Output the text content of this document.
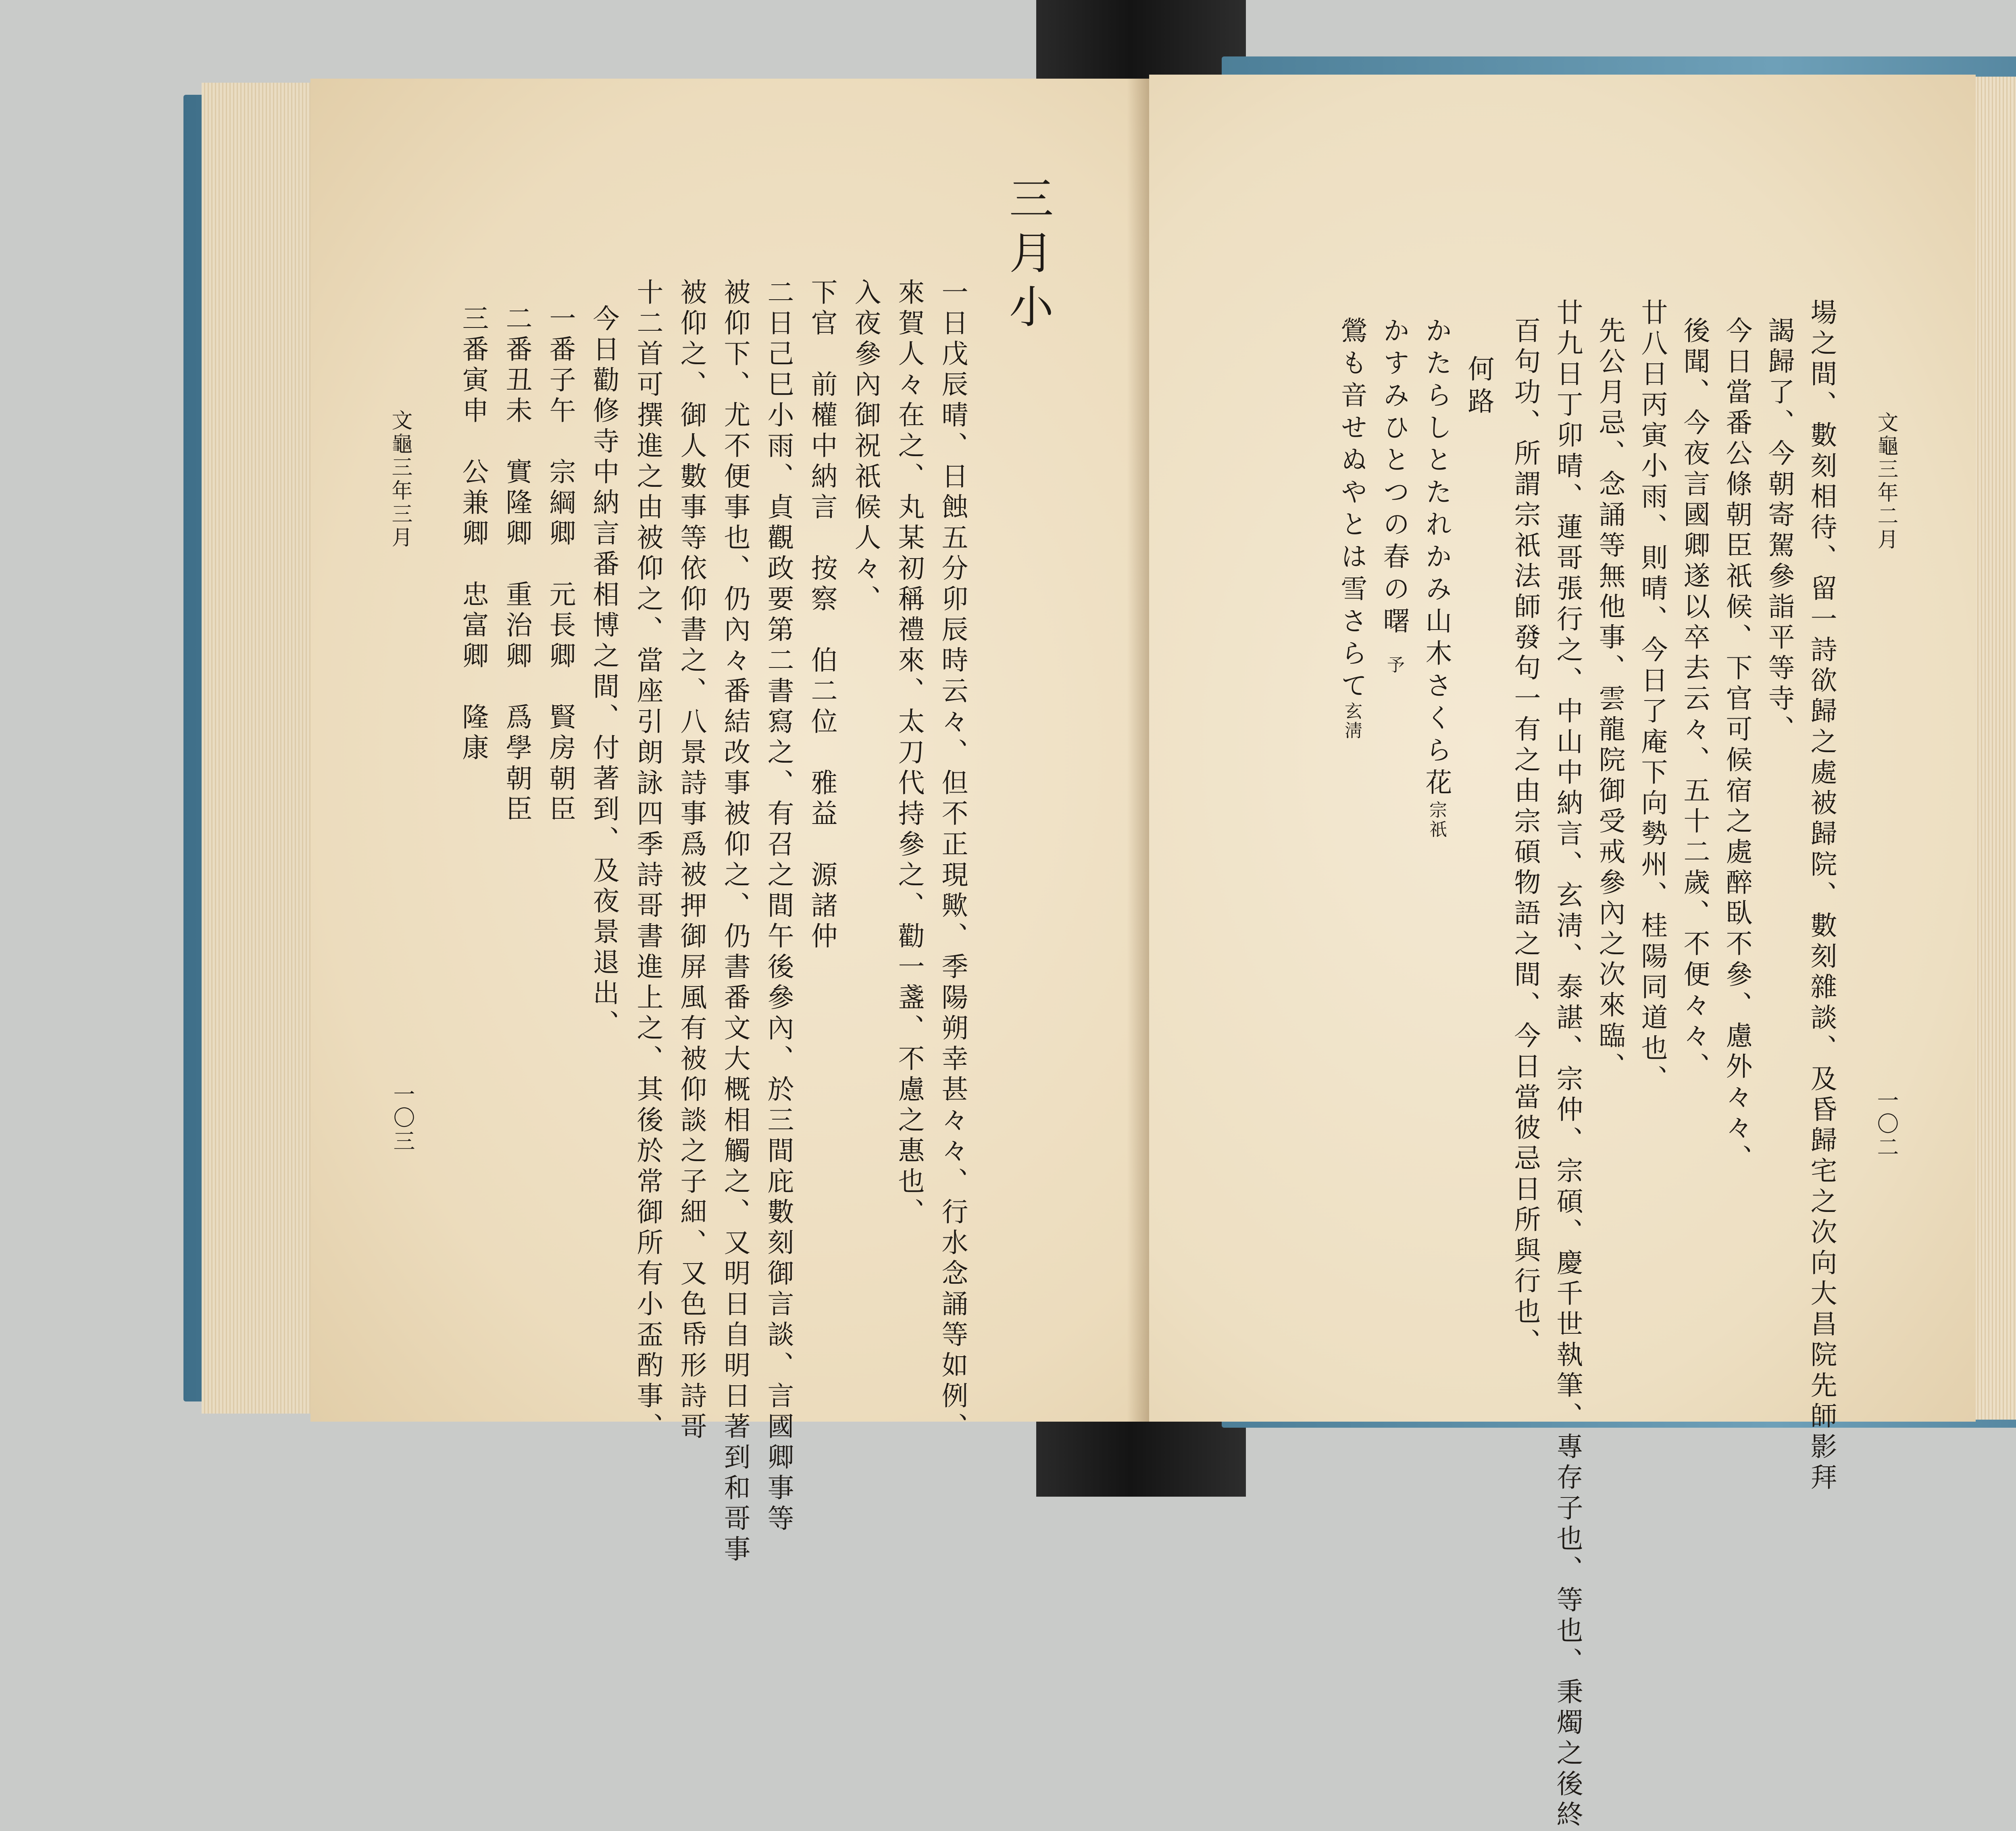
三月小
一日戊辰晴、日蝕五分卯辰時云々、但不正現歟、季陽朔幸甚々々、行水念誦等如例、
來賀人々在之、丸某初稱禮來、太刀代持參之、勸一盞、不慮之惠也、
入夜參內御祝祇候人々、
下官　前權中納言　按察　伯二位　雅益　源諸仲
二日己巳小雨、貞觀政要第二書寫之、有召之間午後參內、於三間庇數刻御言談、言國卿事等
被仰下、尤不便事也、仍內々番結改事被仰之、仍書番文大概相觸之、又明日自明日著到和哥事
被仰之、御人數事等依仰書之、八景詩事爲被押御屏風有被仰談之子細、又色帋形詩哥
十二首可撰進之由被仰之、當座引朗詠四季詩哥書進上之、其後於常御所有小盃酌事、
今日勸修寺中納言番相博之間、付著到、及夜景退出、
一番子午　宗綱卿　元長卿　賢房朝臣
二番丑未　實隆卿　重治卿　爲學朝臣
三番寅申　公兼卿　忠富卿　隆康
文龜三年三月
一〇三
文龜三年二月
一〇二
場之間、數刻相待、留一詩欲歸之處被歸院、數刻雜談、及昏歸宅之次向大昌院先師影拜
謁歸了、今朝寄駕參詣平等寺、
今日當番公條朝臣祇候、下官可候宿之處醉臥不參、慮外々々、
後聞、今夜言國卿遂以卒去云々、五十二歲、不便々々、
廿八日丙寅小雨、則晴、今日了庵下向勢州、桂陽同道也、
先公月忌、念誦等無他事、雲龍院御受戒參內之次來臨、
廿九日丁卯晴、蓮哥張行之、中山中納言、玄淸、泰諶、宗仲、宗碩、慶千世執筆、專存子也、等也、秉燭之後終
百句功、所謂宗祇法師發句一有之由宗碩物語之間、今日當彼忌日所與行也、
何路
かたらしとたれかみ山木さくら花
宗祇
かすみひとつの春の曙
予
鶯も音せぬやとは雪さらて
玄淸
